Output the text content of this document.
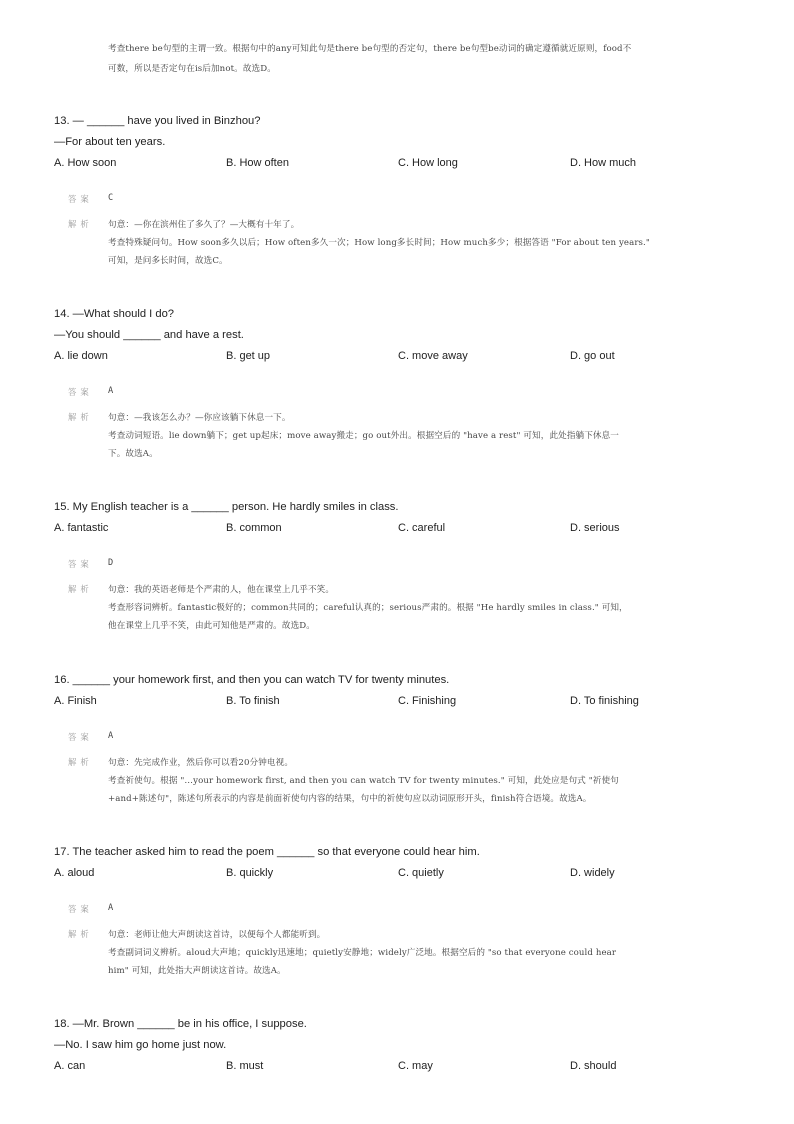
考查there be句型的主谓一致。根据句中的any可知此句是there be句型的否定句，there be句型be动词的确定遵循就近原则，food不
可数，所以是否定句在is后加not。故选D。
13. — ______ have you lived in Binzhou?
—For about ten years.
A. How soon	B. How often	C. How long	D. How much
答案 C
解析 句意：—你在滨州住了多久了？—大概有十年了。
考查特殊疑问句。How soon多久以后；How often多久一次；How long多长时间；How much多少；根据答语 "For about ten years."
可知，是问多长时间，故选C。
14. —What should I do?
—You should ______ and have a rest.
A. lie down	B. get up	C. move away	D. go out
答案 A
解析 句意：—我该怎么办？—你应该躺下休息一下。
考查动词短语。lie down躺下；get up起床；move away搬走；go out外出。根据空后的 "have a rest" 可知，此处指躺下休息一
下。故选A。
15. My English teacher is a ______ person. He hardly smiles in class.
A. fantastic	B. common	C. careful	D. serious
答案 D
解析 句意：我的英语老师是个严肃的人，他在课堂上几乎不笑。
考查形容词辨析。fantastic极好的；common共同的；careful认真的；serious严肃的。根据 "He hardly smiles in class." 可知，
他在课堂上几乎不笑，由此可知他是严肃的。故选D。
16. ______ your homework first, and then you can watch TV for twenty minutes.
A. Finish	B. To finish	C. Finishing	D. To finishing
答案 A
解析 句意：先完成作业，然后你可以看20分钟电视。
考查祈使句。根据 "…your homework first, and then you can watch TV for twenty minutes." 可知，此处应是句式 "祈使句
+and+陈述句"，陈述句所表示的内容是前面祈使句内容的结果，句中的祈使句应以动词原形开头，finish符合语境。故选A。
17. The teacher asked him to read the poem ______ so that everyone could hear him.
A. aloud	B. quickly	C. quietly	D. widely
答案 A
解析 句意：老师让他大声朗读这首诗，以便每个人都能听到。
考查副词词义辨析。aloud大声地；quickly迅速地；quietly安静地；widely广泛地。根据空后的 "so that everyone could hear
him" 可知，此处指大声朗读这首诗。故选A。
18. —Mr. Brown ______ be in his office, I suppose.
—No. I saw him go home just now.
A. can	B. must	C. may	D. should
